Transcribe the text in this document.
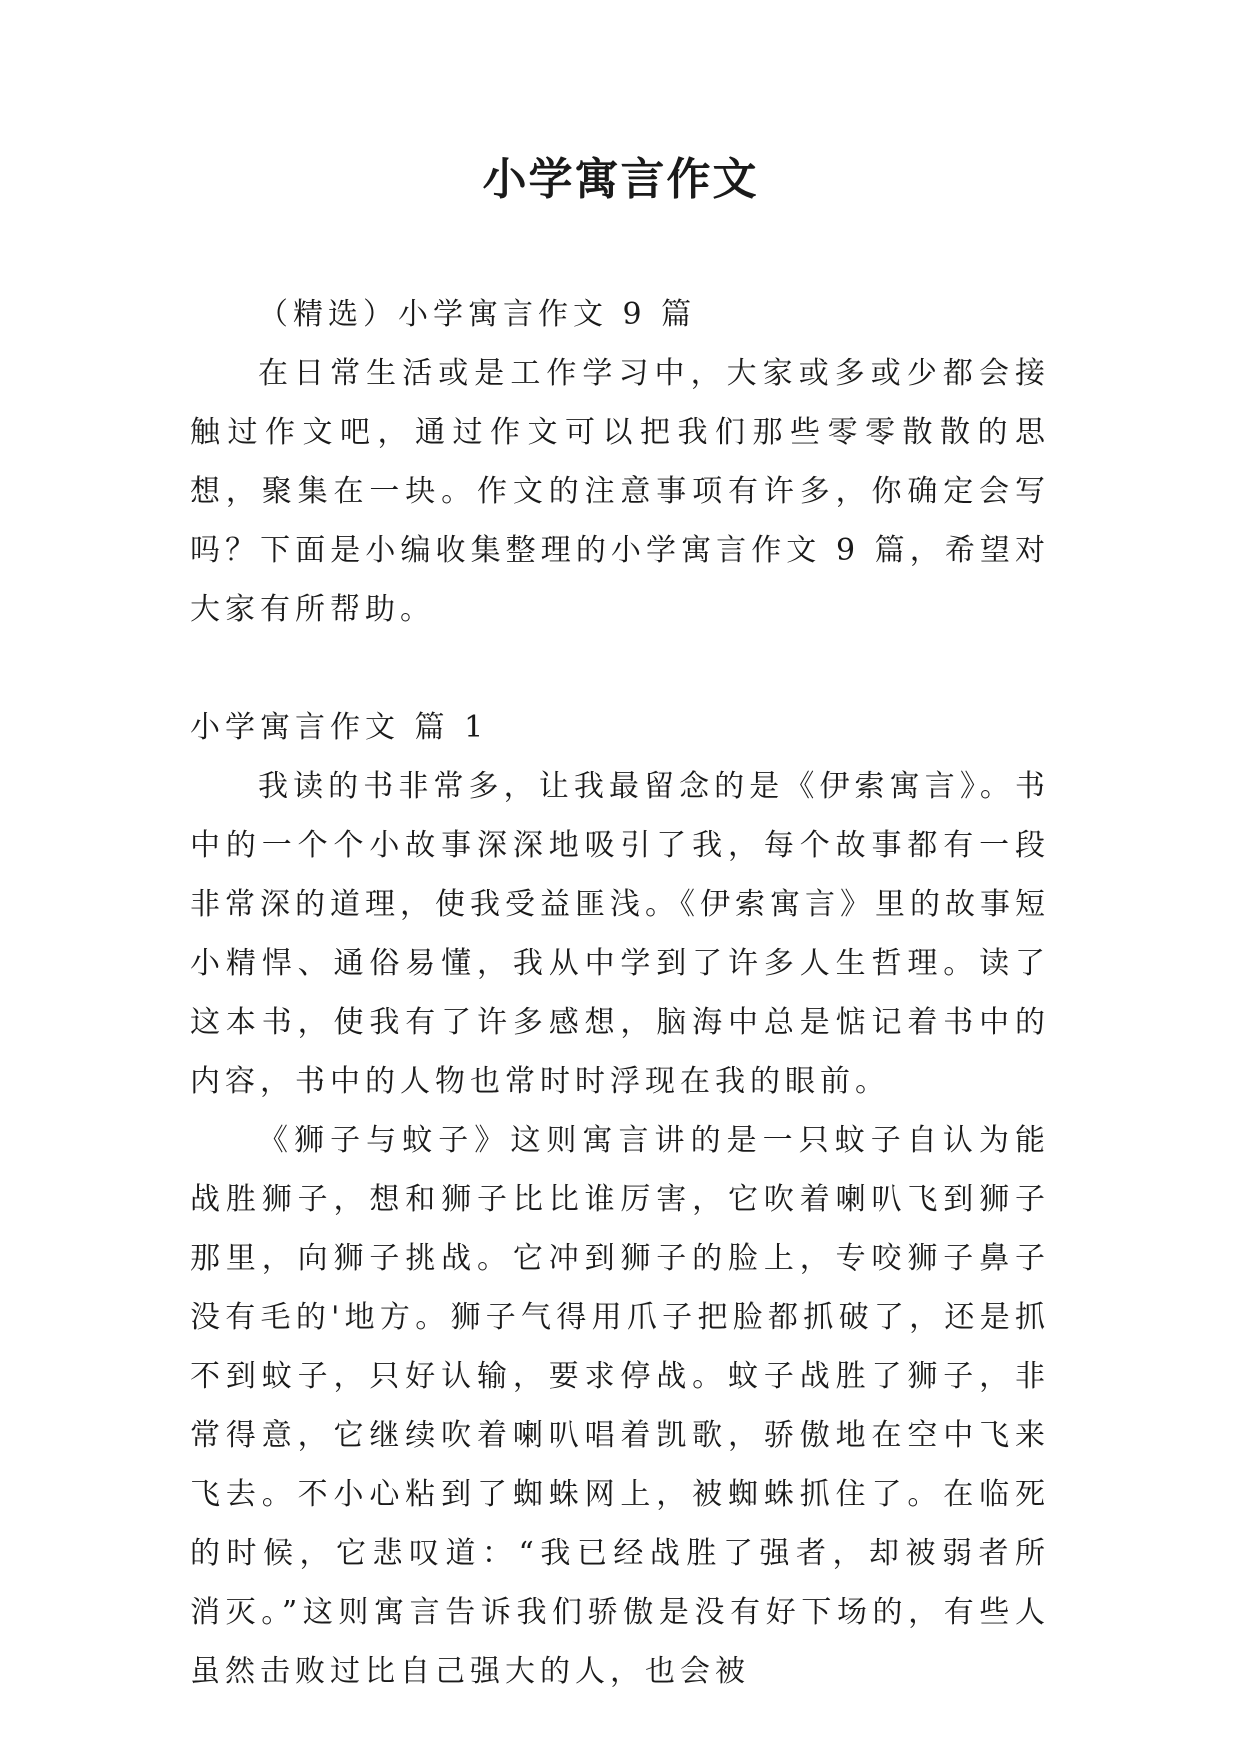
小学寓言作文

（精选）小学寓言作文 9 篇

在日常生活或是工作学习中，大家或多或少都会接触过作文吧，通过作文可以把我们那些零零散散的思想，聚集在一块。作文的注意事项有许多，你确定会写吗？下面是小编收集整理的小学寓言作文 9 篇，希望对大家有所帮助。

小学寓言作文 篇 1

我读的书非常多，让我最留念的是《伊索寓言》。书中的一个个小故事深深地吸引了我，每个故事都有一段非常深的道理，使我受益匪浅。《伊索寓言》里的故事短小精悍、通俗易懂，我从中学到了许多人生哲理。读了这本书，使我有了许多感想，脑海中总是惦记着书中的内容，书中的人物也常时时浮现在我的眼前。

《狮子与蚊子》这则寓言讲的是一只蚊子自认为能战胜狮子，想和狮子比比谁厉害，它吹着喇叭飞到狮子那里，向狮子挑战。它冲到狮子的脸上，专咬狮子鼻子没有毛的'地方。狮子气得用爪子把脸都抓破了，还是抓不到蚊子，只好认输，要求停战。蚊子战胜了狮子，非常得意，它继续吹着喇叭唱着凯歌，骄傲地在空中飞来飞去。不小心粘到了蜘蛛网上，被蜘蛛抓住了。在临死的时候，它悲叹道：“我已经战胜了强者，却被弱者所消灭。”这则寓言告诉我们骄傲是没有好下场的，有些人虽然击败过比自己强大的人，也会被
